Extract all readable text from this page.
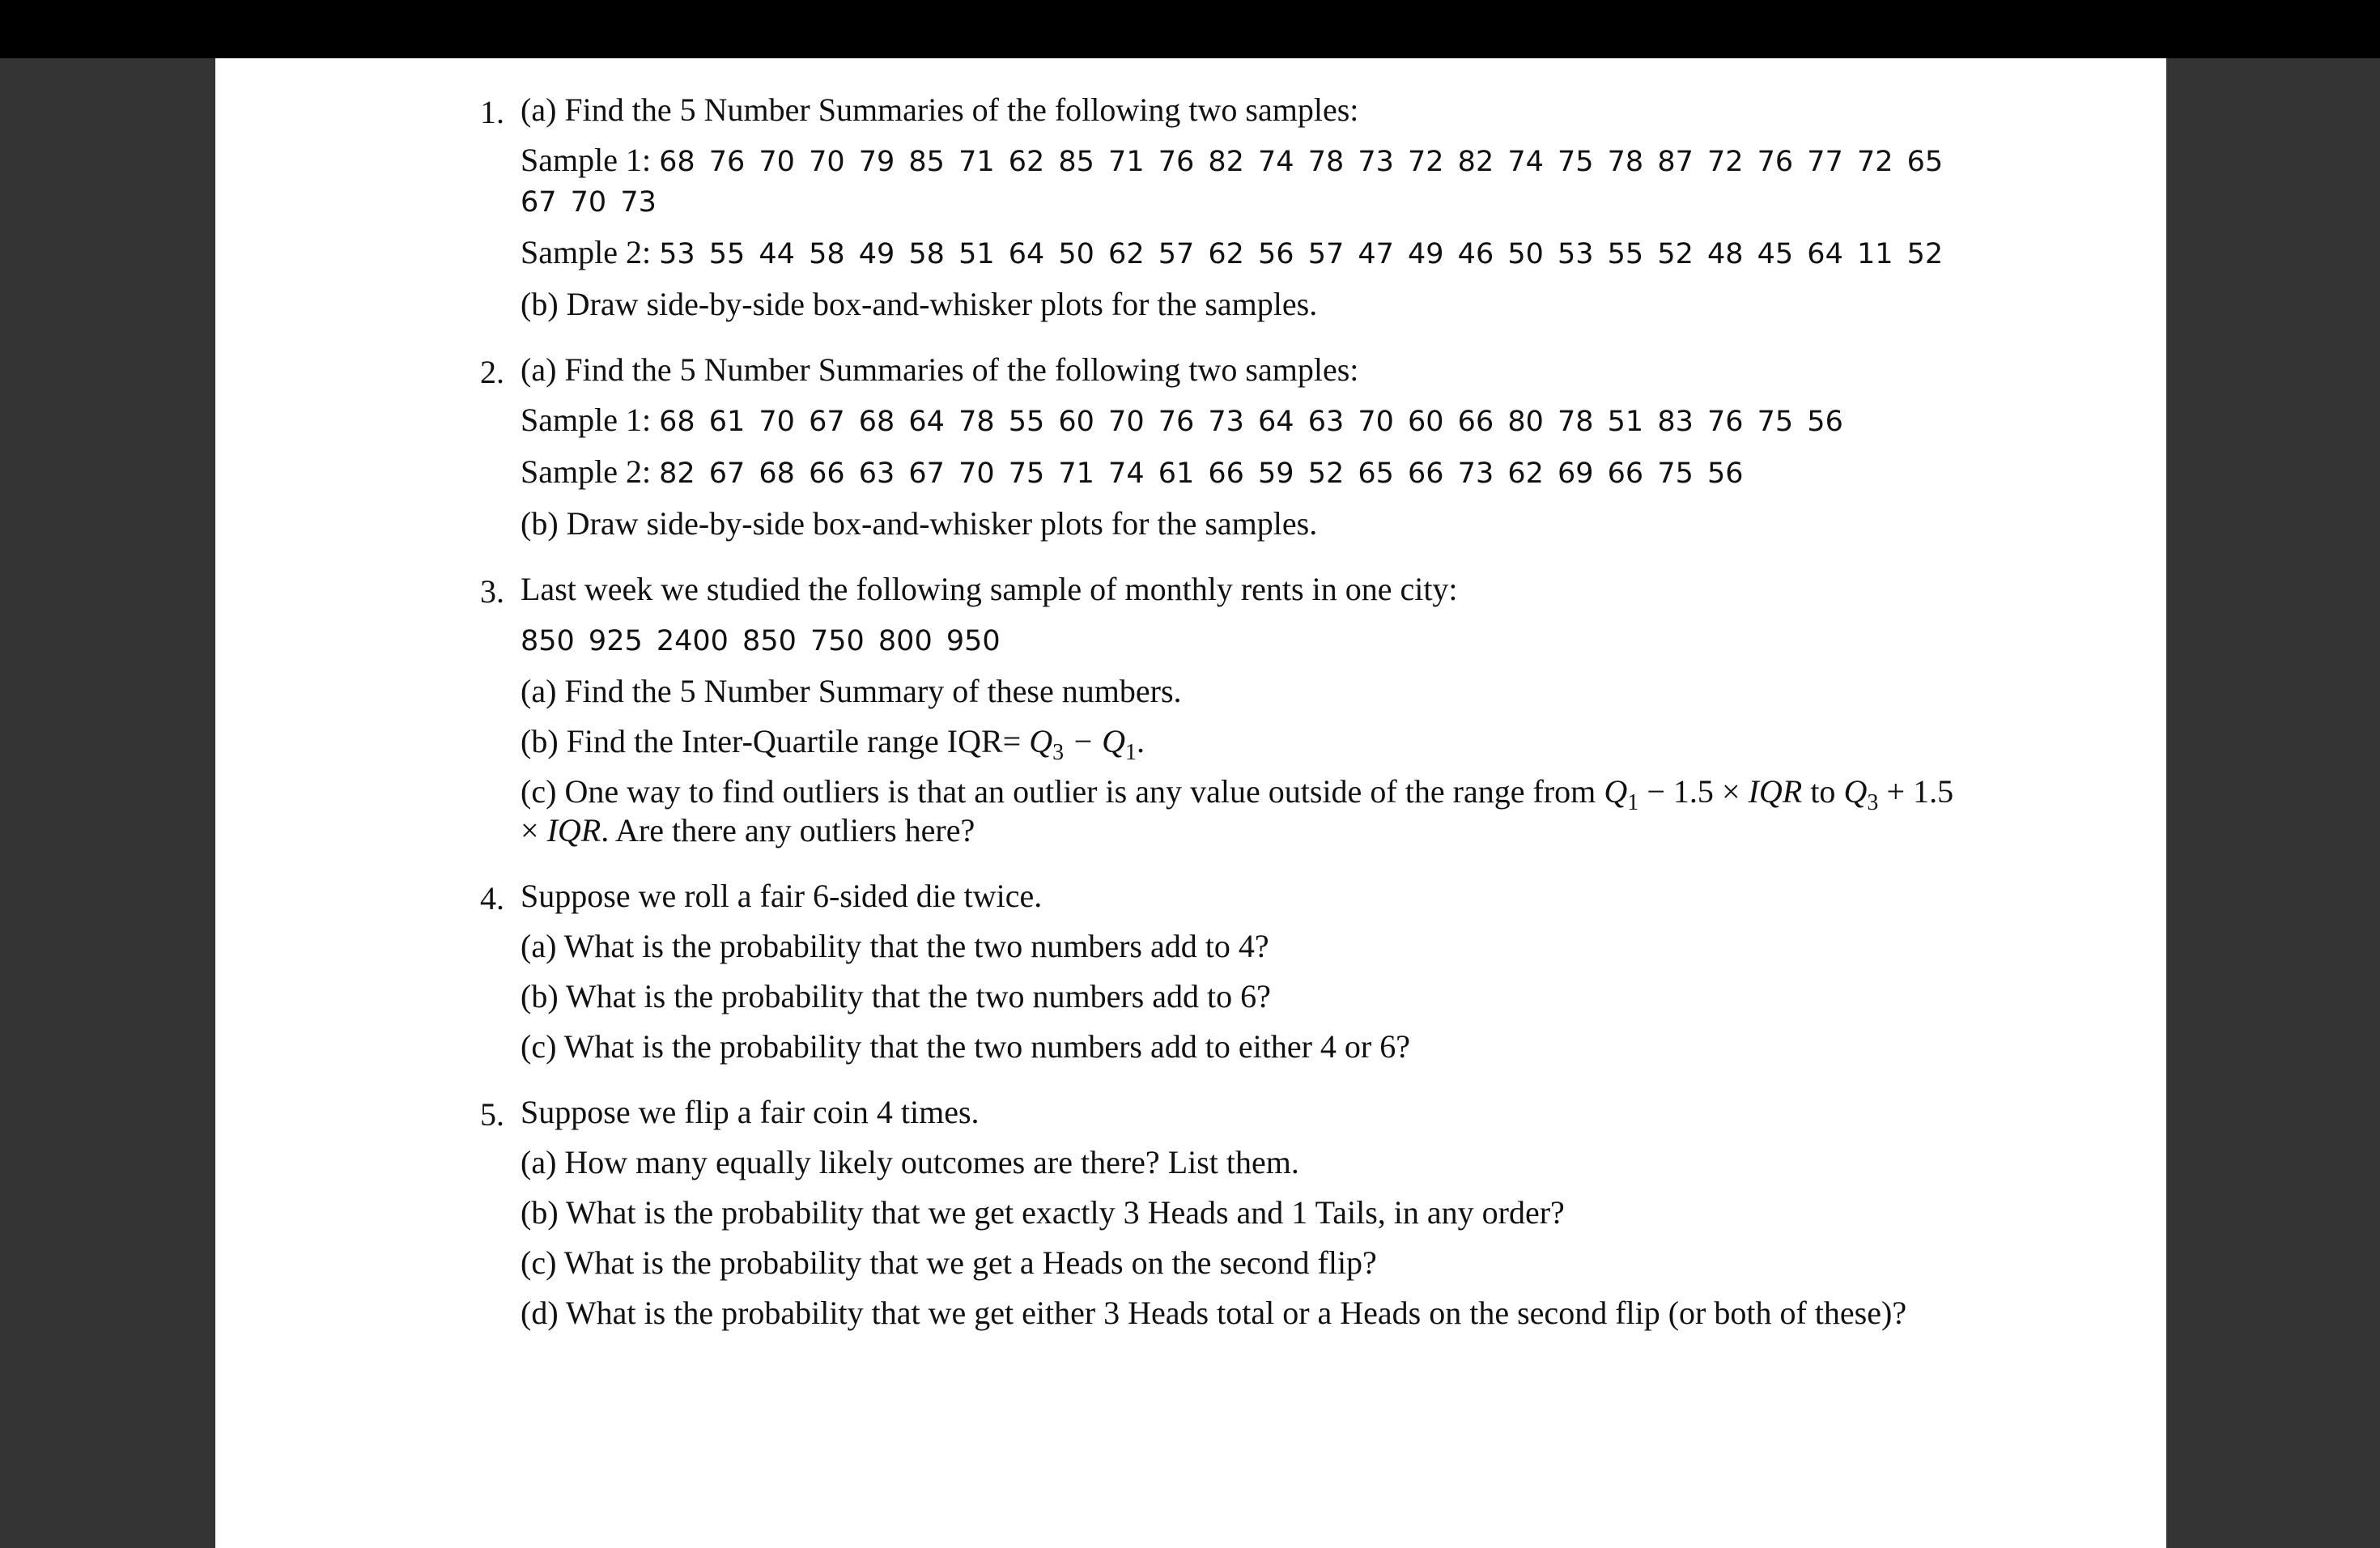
1. (a) Find the 5 Number Summaries of the following two samples:
Sample 1: 68 76 70 70 79 85 71 62 85 71 76 82 74 78 73 72 82 74 75 78 87 72 76 77 72 65 67 70 73
Sample 2: 53 55 44 58 49 58 51 64 50 62 57 62 56 57 47 49 46 50 53 55 52 48 45 64 11 52
(b) Draw side-by-side box-and-whisker plots for the samples.
2. (a) Find the 5 Number Summaries of the following two samples:
Sample 1: 68 61 70 67 68 64 78 55 60 70 76 73 64 63 70 60 66 80 78 51 83 76 75 56
Sample 2: 82 67 68 66 63 67 70 75 71 74 61 66 59 52 65 66 73 62 69 66 75 56
(b) Draw side-by-side box-and-whisker plots for the samples.
3. Last week we studied the following sample of monthly rents in one city:
850 925 2400 850 750 800 950
(a) Find the 5 Number Summary of these numbers.
(b) Find the Inter-Quartile range $IQR= Q_3 - Q_1$.
(c) One way to find outliers is that an outlier is any value outside of the range from $Q_1 - 1.5$ × IQR to $Q_3 + 1.5$ × IQR. Are there any outliers here?
4. Suppose we roll a fair 6-sided die twice.
(a) What is the probability that the two numbers add to 4?
(b) What is the probability that the two numbers add to 6?
(c) What is the probability that the two numbers add to either 4 or 6?
5. Suppose we flip a fair coin 4 times.
(a) How many equally likely outcomes are there? List them.
(b) What is the probability that we get exactly 3 Heads and 1 Tails, in any order?
(c) What is the probability that we get a Heads on the second flip?
(d) What is the probability that we get either 3 Heads total or a Heads on the second flip (or both of these)?
